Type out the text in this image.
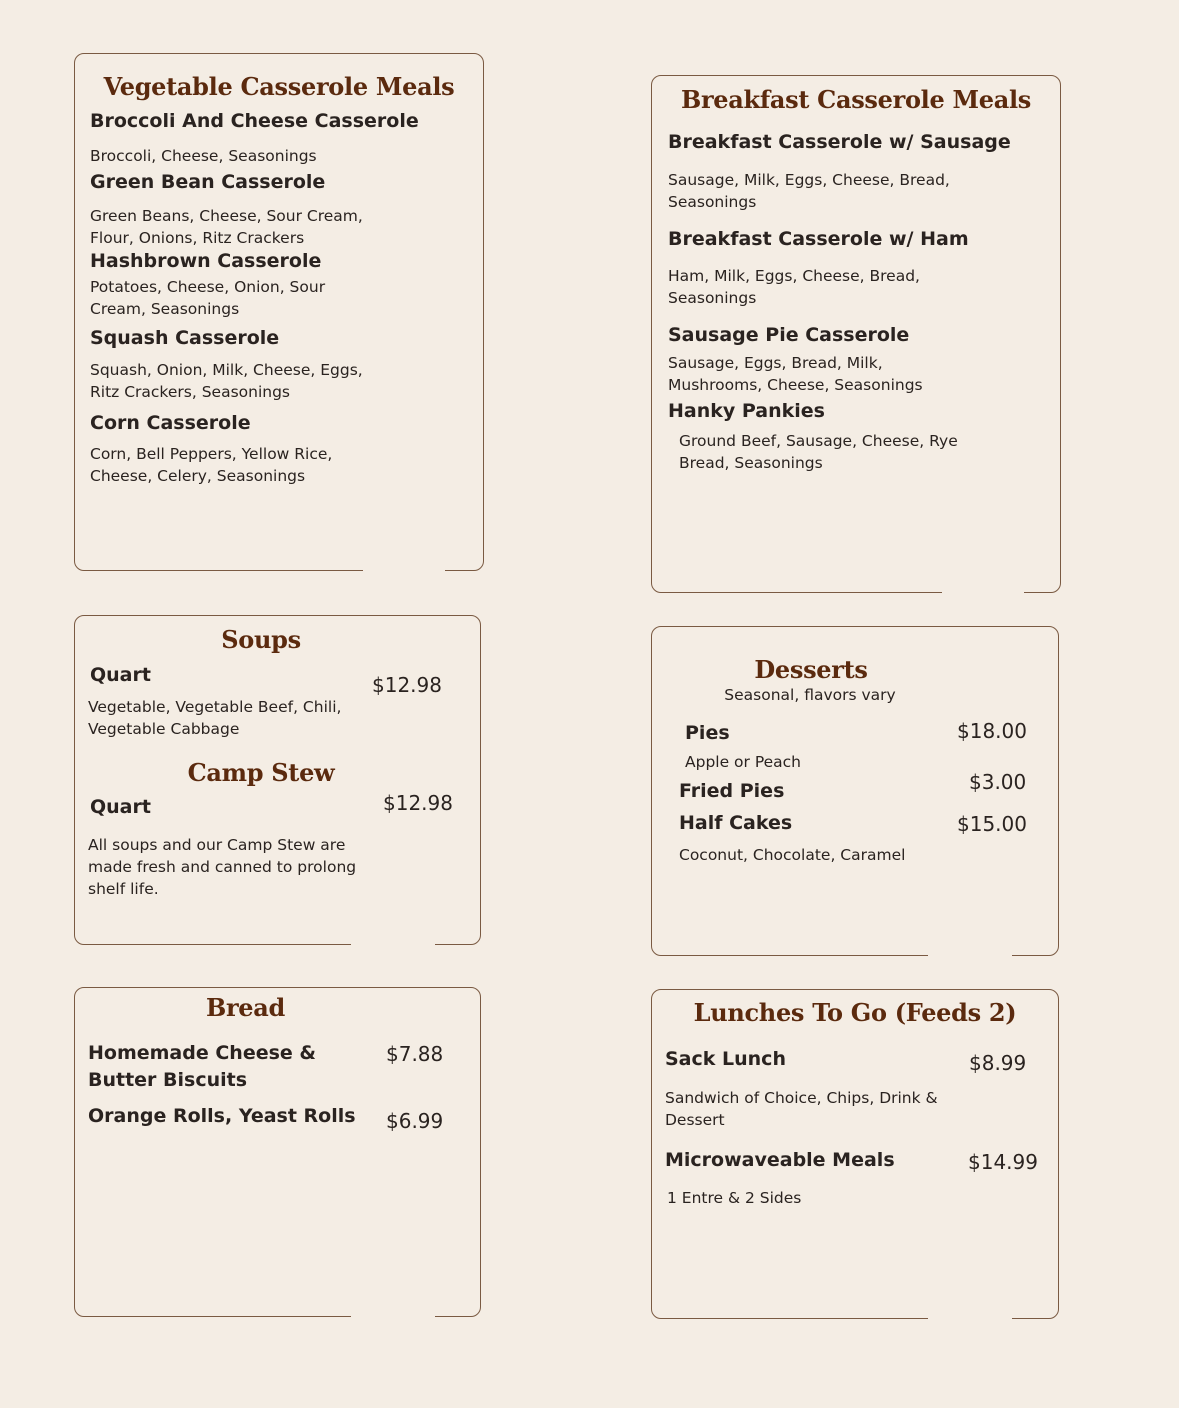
Vegetable Casserole Meals
Broccoli And Cheese Casserole
Broccoli, Cheese, Seasonings
Green Bean Casserole
Green Beans, Cheese, Sour Cream, Flour, Onions, Ritz Crackers
Hashbrown Casserole
Potatoes, Cheese, Onion, Sour Cream, Seasonings
Squash Casserole
Squash, Onion, Milk, Cheese, Eggs, Ritz Crackers, Seasonings
Corn Casserole
Corn, Bell Peppers, Yellow Rice, Cheese, Celery, Seasonings
Breakfast Casserole Meals
Breakfast Casserole w/ Sausage
Sausage, Milk, Eggs, Cheese, Bread, Seasonings
Breakfast Casserole w/ Ham
Ham, Milk, Eggs, Cheese, Bread, Seasonings
Sausage Pie Casserole
Sausage, Eggs, Bread, Milk, Mushrooms, Cheese, Seasonings
Hanky Pankies
Ground Beef, Sausage, Cheese, Rye Bread, Seasonings
Soups
Quart	$12.98
Vegetable, Vegetable Beef, Chili, Vegetable Cabbage
Camp Stew
Quart	$12.98
All soups and our Camp Stew are made fresh and canned to prolong shelf life.
Desserts
Seasonal, flavors vary
Pies	$18.00
Apple or Peach
Fried Pies	$3.00
Half Cakes	$15.00
Coconut, Chocolate, Caramel
Bread
Homemade Cheese & Butter Biscuits
$7.88
Orange Rolls, Yeast Rolls $6.99
Lunches To Go (Feeds 2)
Sack Lunch	$8.99
Sandwich of Choice, Chips, Drink & Dessert
Microwaveable Meals	$14.99
1 Entre & 2 Sides
